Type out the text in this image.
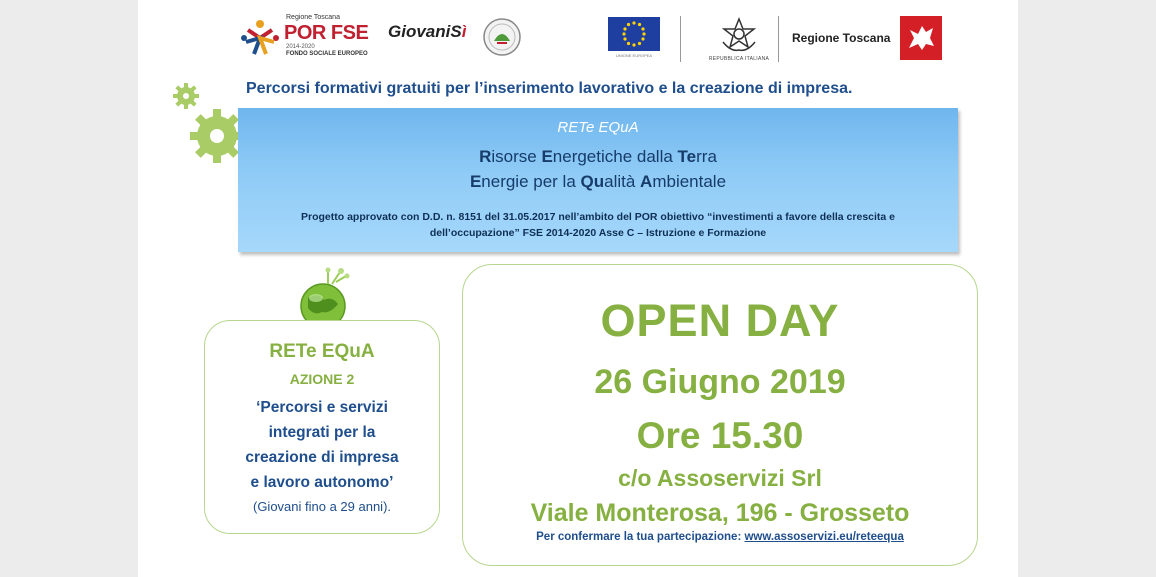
Regione Toscana
POR FSE
2014-2020
FONDO SOCIALE EUROPEO
GiovaniSì
UNIONE EUROPEA
REPUBBLICA ITALIANA
Regione Toscana
Percorsi formativi gratuiti per l’inserimento lavorativo e la creazione di impresa.
RETe EQuA
Risorse Energetiche dalla Terra
Energie per la Qualità Ambientale
Progetto approvato con D.D. n. 8151 del 31.05.2017 nell’ambito del POR obiettivo “investimenti a favore della crescita e
dell’occupazione” FSE 2014-2020 Asse C – Istruzione e Formazione
RETe EQuA
AZIONE 2
‘Percorsi e servizi
integrati per la
creazione di impresa
e lavoro autonomo’
(Giovani fino a 29 anni).
OPEN DAY
26 Giugno 2019
Ore 15.30
c/o Assoservizi Srl
Viale Monterosa, 196 - Grosseto
Per confermare la tua partecipazione: www.assoservizi.eu/reteequa
